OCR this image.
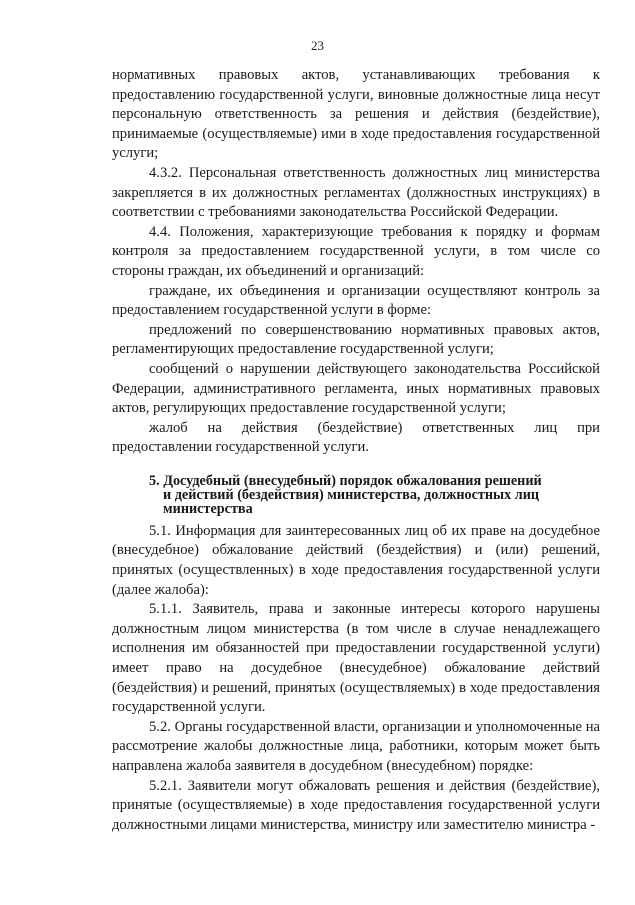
23

нормативных правовых актов, устанавливающих требования к предоставлению государственной услуги, виновные должностные лица несут персональную ответственность за решения и действия (бездействие), принимаемые (осуществляемые) ими в ходе предоставления государственной услуги;

4.3.2. Персональная ответственность должностных лиц министерства закрепляется в их должностных регламентах (должностных инструкциях) в соответствии с требованиями законодательства Российской Федерации.

4.4. Положения, характеризующие требования к порядку и формам контроля за предоставлением государственной услуги, в том числе со стороны граждан, их объединений и организаций:

граждане, их объединения и организации осуществляют контроль за предоставлением государственной услуги в форме:

предложений по совершенствованию нормативных правовых актов, регламентирующих предоставление государственной услуги;

сообщений о нарушении действующего законодательства Российской Федерации, административного регламента, иных нормативных правовых актов, регулирующих предоставление государственной услуги;

жалоб на действия (бездействие) ответственных лиц при предоставлении государственной услуги.

5. Досудебный (внесудебный) порядок обжалования решений
и действий (бездействия) министерства, должностных лиц
министерства

5.1. Информация для заинтересованных лиц об их праве на досудебное (внесудебное) обжалование действий (бездействия) и (или) решений, принятых (осуществленных) в ходе предоставления государственной услуги (далее жалоба):

5.1.1. Заявитель, права и законные интересы которого нарушены должностным лицом министерства (в том числе в случае ненадлежащего исполнения им обязанностей при предоставлении государственной услуги) имеет право на досудебное (внесудебное) обжалование действий (бездействия) и решений, принятых (осуществляемых) в ходе предоставления государственной услуги.

5.2. Органы государственной власти, организации и уполномоченные на рассмотрение жалобы должностные лица, работники, которым может быть направлена жалоба заявителя в досудебном (внесудебном) порядке:

5.2.1. Заявители могут обжаловать решения и действия (бездействие), принятые (осуществляемые) в ходе предоставления государственной услуги должностными лицами министерства, министру или заместителю министра -
